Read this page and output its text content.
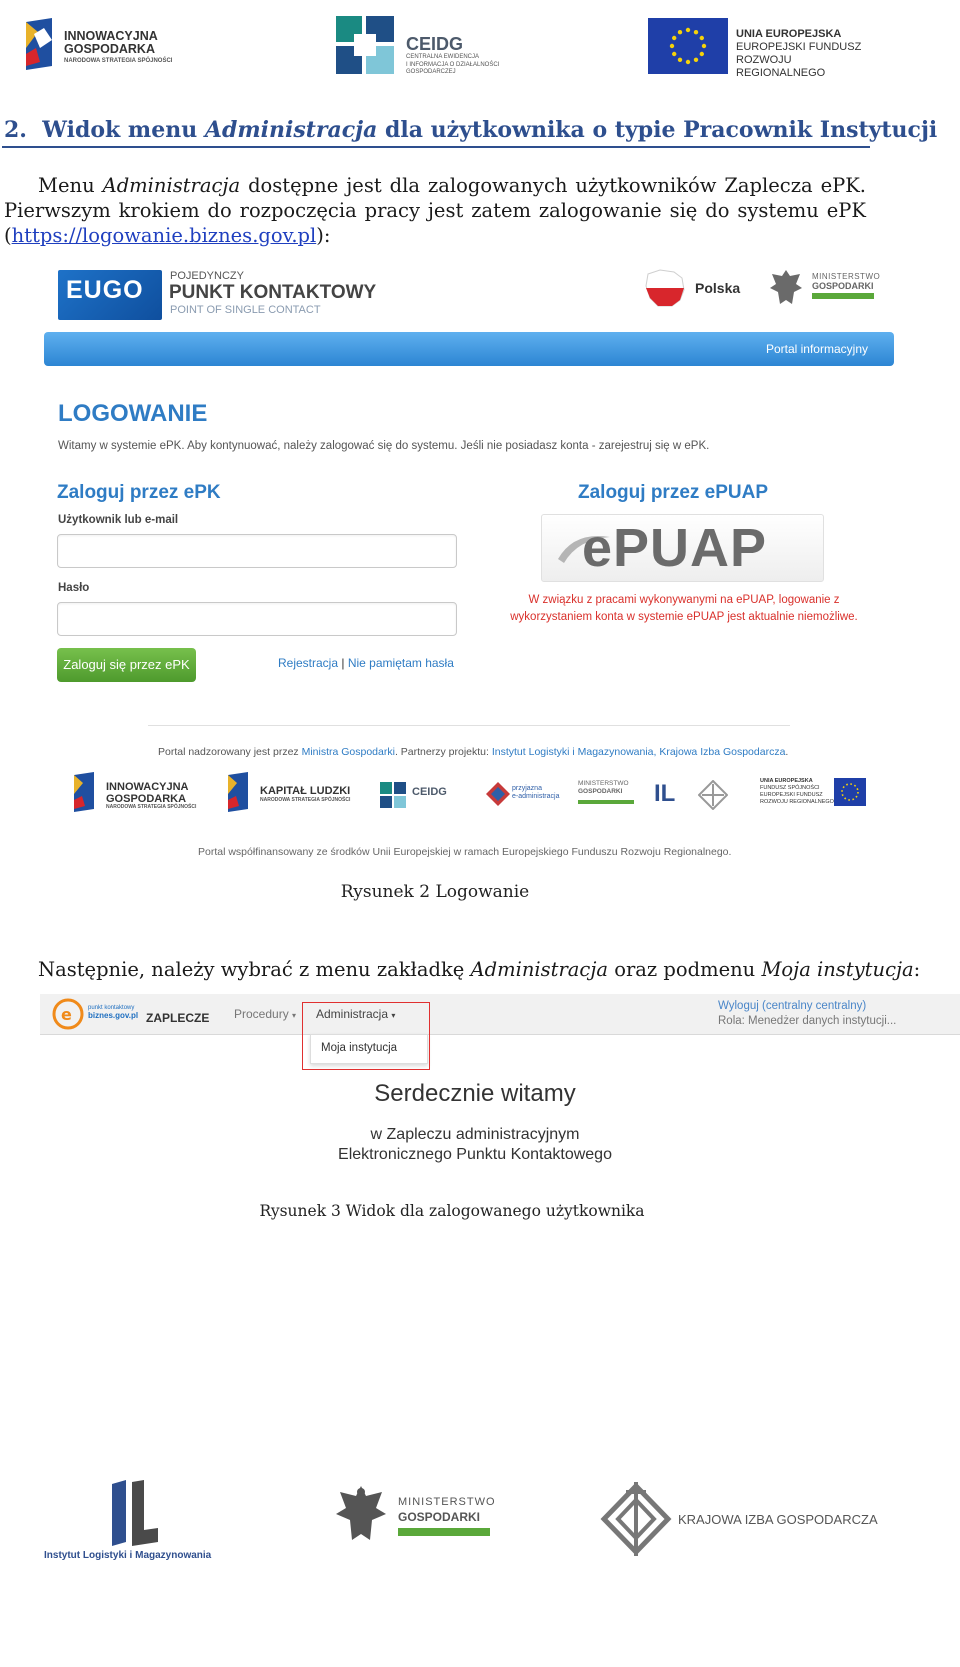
INNOWACYJNA
GOSPODARKA
NARODOWA STRATEGIA SPÓJNOŚCI
CEIDG
CENTRALNA EWIDENCJA
I INFORMACJA O DZIAŁALNOŚCI
GOSPODARCZEJ
UNIA EUROPEJSKA
EUROPEJSKI FUNDUSZ
ROZWOJU REGIONALNEGO
2. Widok menu Administracja dla użytkownika o typie Pracownik Instytucji
Menu Administracja dostępne jest dla zalogowanych użytkowników Zaplecza ePK.
Pierwszym krokiem do rozpoczęcia pracy jest zatem zalogowanie się do systemu ePK
(https://logowanie.biznes.gov.pl):
EUGO POJEDYNCZY
PUNKT KONTAKTOWY
POINT OF SINGLE CONTACT
Polska
MINISTERSTWO
GOSPODARKI
Portal informacyjny
LOGOWANIE
Witamy w systemie ePK. Aby kontynuować, należy zalogować się do systemu. Jeśli nie posiadasz konta - zarejestruj się w ePK.
Zaloguj przez ePK
Użytkownik lub e-mail
Hasło
Zaloguj się przez ePK	Rejestracja | Nie pamiętam hasła
Zaloguj przez ePUAP
ePUAP
W związku z pracami wykonywanymi na ePUAP, logowanie z
wykorzystaniem konta w systemie ePUAP jest aktualnie niemożliwe.
Portal nadzorowany jest przez Ministra Gospodarki. Partnerzy projektu: Instytut Logistyki i Magazynowania, Krajowa Izba Gospodarcza.
INNOWACYJNA
GOSPODARKA
NARODOWA STRATEGIA SPÓJNOŚCI
KAPITAŁ LUDZKI
NARODOWA STRATEGIA SPÓJNOŚCI
CEIDG	przyjazna
e-administracja
MINISTERSTWO
GOSPODARKI IL	UNIA EUROPEJSKA
FUNDUSZ SPÓJNOŚCI
EUROPEJSKI FUNDUSZ
ROZWOJU REGIONALNEGO
Portal współfinansowany ze środków Unii Europejskiej w ramach Europejskiego Funduszu Rozwoju Regionalnego.
Rysunek 2 Logowanie
Następnie, należy wybrać z menu zakładkę Administracja oraz podmenu Moja instytucja:
e	punkt kontaktowy
biznes.gov.pl ZAPLECZE Procedury ▾ Administracja ▾
Wyloguj (centralny centralny)
Rola: Menedżer danych instytucji...
Moja instytucja
Serdecznie witamy
w Zapleczu administracyjnym
Elektronicznego Punktu Kontaktowego
Rysunek 3 Widok dla zalogowanego użytkownika
Instytut Logistyki i Magazynowania
MINISTERSTWO
GOSPODARKI	KRAJOWA IZBA GOSPODARCZA
